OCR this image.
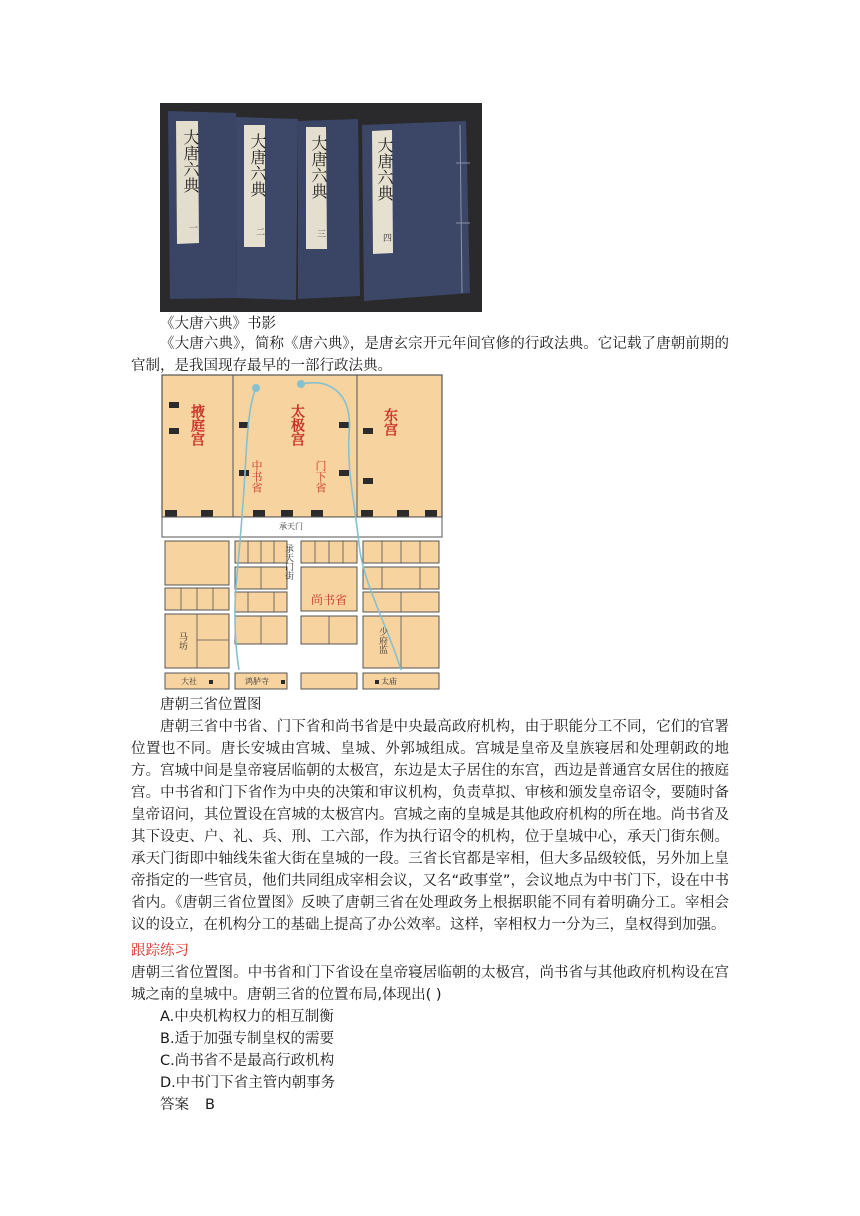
大唐六典
一
大唐六典
二
大唐六典
三
大唐六典
四
《大唐六典》书影
《大唐六典》，简称《唐六典》，是唐玄宗开元年间官修的行政法典。它记载了唐朝前期的官制，是我国现存最早的一部行政法典。
掖庭宫	太极宫	东宫
中书省	门下省
承天门
承天门街
尚书省
马坊	少府监
大社	鸿胪寺	太庙
唐朝三省位置图
唐朝三省中书省、门下省和尚书省是中央最高政府机构，由于职能分工不同，它们的官署位置也不同。唐长安城由宫城、皇城、外郭城组成。宫城是皇帝及皇族寝居和处理朝政的地方。宫城中间是皇帝寝居临朝的太极宫，东边是太子居住的东宫，西边是普通宫女居住的掖庭宫。中书省和门下省作为中央的决策和审议机构，负责草拟、审核和颁发皇帝诏令，要随时备皇帝诏问，其位置设在宫城的太极宫内。宫城之南的皇城是其他政府机构的所在地。尚书省及其下设吏、户、礼、兵、刑、工六部，作为执行诏令的机构，位于皇城中心，承天门街东侧。承天门街即中轴线朱雀大街在皇城的一段。三省长官都是宰相，但大多品级较低，另外加上皇帝指定的一些官员，他们共同组成宰相会议，又名“政事堂”，会议地点为中书门下，设在中书省内。《唐朝三省位置图》反映了唐朝三省在处理政务上根据职能不同有着明确分工。宰相会议的设立，在机构分工的基础上提高了办公效率。这样，宰相权力一分为三，皇权得到加强。
跟踪练习
唐朝三省位置图。中书省和门下省设在皇帝寝居临朝的太极宫，尚书省与其他政府机构设在宫城之南的皇城中。唐朝三省的位置布局,体现出( )
A.中央机构权力的相互制衡
B.适于加强专制皇权的需要
C.尚书省不是最高行政机构
D.中书门下省主管内朝事务
答案 B
